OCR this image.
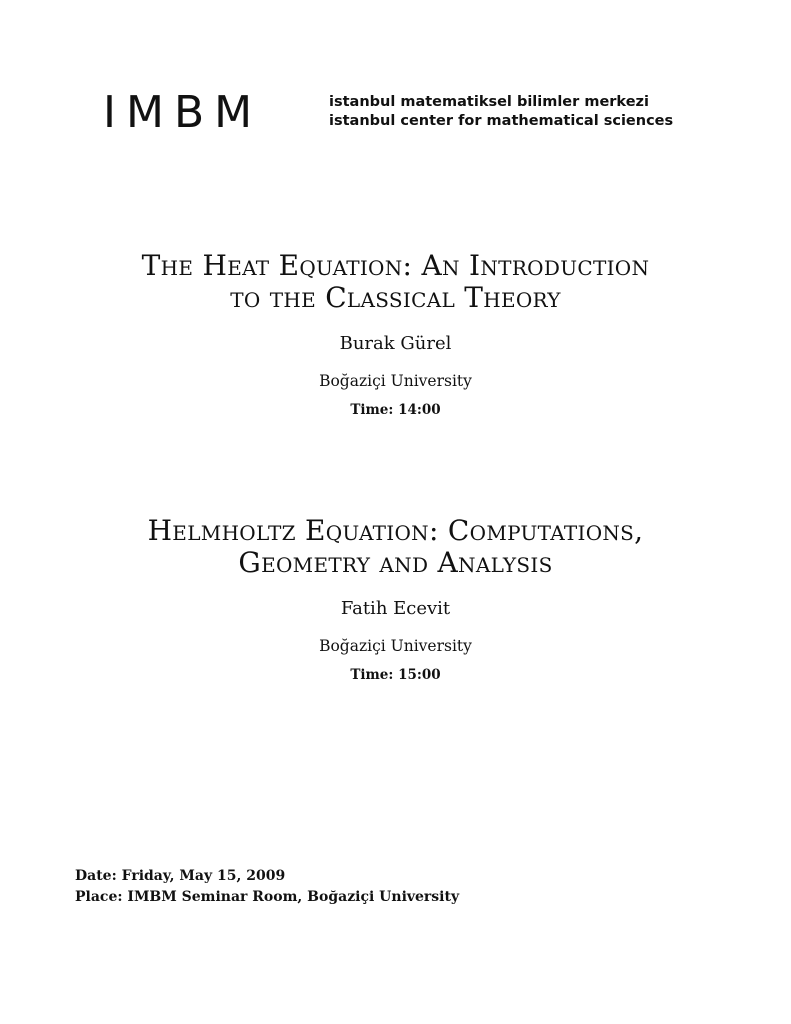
IMBM	istanbul matematiksel bilimler merkezi
istanbul center for mathematical sciences
The Heat Equation: An Introduction
to the Classical Theory
Burak Gürel
Boğaziçi University
Time: 14:00
Helmholtz Equation: Computations,
Geometry and Analysis
Fatih Ecevit
Boğaziçi University
Time: 15:00
Date: Friday, May 15, 2009
Place: IMBM Seminar Room, Boğaziçi University
